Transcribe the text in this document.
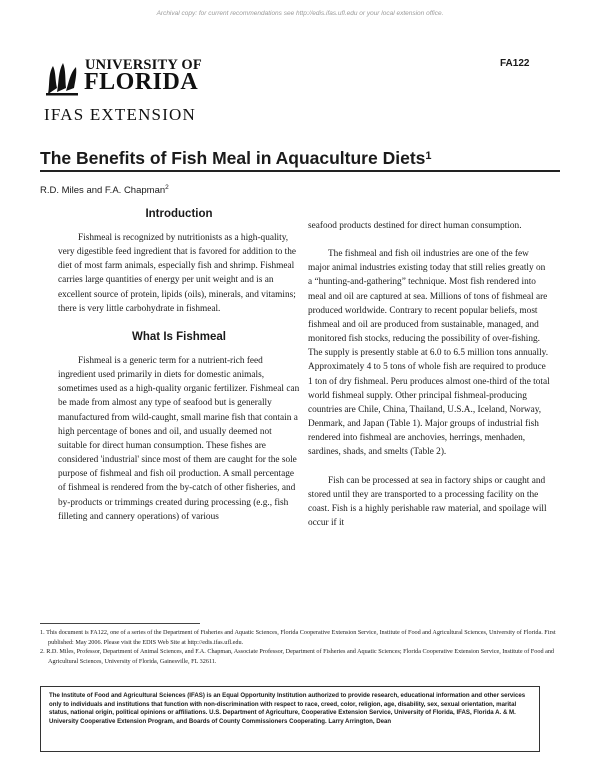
Archival copy: for current recommendations see http://edis.ifas.ufl.edu or your local extension office.
UNIVERSITY OF
FLORIDA
IFAS EXTENSION
FA122
The Benefits of Fish Meal in Aquaculture Diets$^1$
R.D. Miles and F.A. Chapman$^2$
Introduction

Fishmeal is recognized by nutritionists as a high-quality, very digestible feed ingredient that is favored for addition to the diet of most farm animals, especially fish and shrimp. Fishmeal carries large quantities of energy per unit weight and is an excellent source of protein, lipids (oils), minerals, and vitamins; there is very little carbohydrate in fishmeal.

What Is Fishmeal

Fishmeal is a generic term for a nutrient-rich feed ingredient used primarily in diets for domestic animals, sometimes used as a high-quality organic fertilizer. Fishmeal can be made from almost any type of seafood but is generally manufactured from wild-caught, small marine fish that contain a high percentage of bones and oil, and usually deemed not suitable for direct human consumption. These fishes are considered 'industrial' since most of them are caught for the sole purpose of fishmeal and fish oil production. A small percentage of fishmeal is rendered from the by-catch of other fisheries, and by-products or trimmings created during processing (e.g., fish filleting and cannery operations) of various

seafood products destined for direct human consumption.

The fishmeal and fish oil industries are one of the few major animal industries existing today that still relies greatly on a “hunting-and-gathering” technique. Most fish rendered into meal and oil are captured at sea. Millions of tons of fishmeal are produced worldwide. Contrary to recent popular beliefs, most fishmeal and oil are produced from sustainable, managed, and monitored fish stocks, reducing the possibility of over-fishing. The supply is presently stable at 6.0 to 6.5 million tons annually. Approximately 4 to 5 tons of whole fish are required to produce 1 ton of dry fishmeal. Peru produces almost one-third of the total world fishmeal supply. Other principal fishmeal-producing countries are Chile, China, Thailand, U.S.A., Iceland, Norway, Denmark, and Japan (Table 1). Major groups of industrial fish rendered into fishmeal are anchovies, herrings, menhaden, sardines, shads, and smelts (Table 2).

Fish can be processed at sea in factory ships or caught and stored until they are transported to a processing facility on the coast. Fish is a highly perishable raw material, and spoilage will occur if it

1. This document is FA122, one of a series of the Department of Fisheries and Aquatic Sciences, Florida Cooperative Extension Service, Institute of Food and Agricultural Sciences, University of Florida. First published: May 2006. Please visit the EDIS Web Site at http://edis.ifas.ufl.edu.

2. R.D. Miles, Professor, Department of Animal Sciences, and F.A. Chapman, Associate Professor, Department of Fisheries and Aquatic Sciences; Florida Cooperative Extension Service, Institute of Food and Agricultural Sciences, University of Florida, Gainesville, FL 32611.

The Institute of Food and Agricultural Sciences (IFAS) is an Equal Opportunity Institution authorized to provide research, educational information and other services only to individuals and institutions that function with non-discrimination with respect to race, creed, color, religion, age, disability, sex, sexual orientation, marital status, national origin, political opinions or affiliations. U.S. Department of Agriculture, Cooperative Extension Service, University of Florida, IFAS, Florida A. & M. University Cooperative Extension Program, and Boards of County Commissioners Cooperating. Larry Arrington, Dean
